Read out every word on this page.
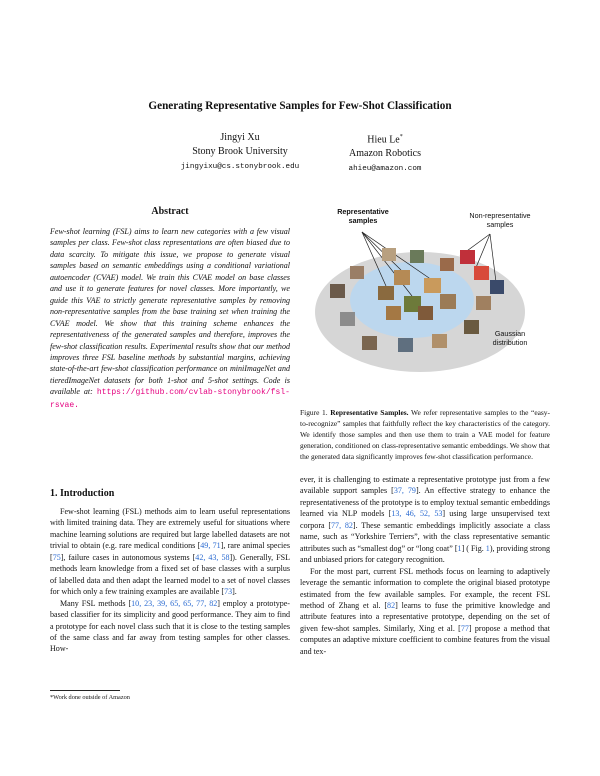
Generating Representative Samples for Few-Shot Classification
Jingyi Xu
Stony Brook University
jingyixu@cs.stonybrook.edu
Hieu Le*
Amazon Robotics
ahieu@amazon.com
Abstract
Few-shot learning (FSL) aims to learn new categories with a few visual samples per class. Few-shot class representations are often biased due to data scarcity. To mitigate this issue, we propose to generate visual samples based on semantic embeddings using a conditional variational autoencoder (CVAE) model. We train this CVAE model on base classes and use it to generate features for novel classes. More importantly, we guide this VAE to strictly generate representative samples by removing non-representative samples from the base training set when training the CVAE model. We show that this training scheme enhances the representativeness of the generated samples and therefore, improves the few-shot classification results. Experimental results show that our method improves three FSL baseline methods by substantial margins, achieving state-of-the-art few-shot classification performance on miniImageNet and tieredImageNet datasets for both 1-shot and 5-shot settings. Code is available at: https://github.com/cvlab-stonybrook/fsl-rsvae.
Representative
samples
Non-representative
samples
Gaussian
distribution
Figure 1. Representative Samples. We refer representative samples to the “easy-to-recognize” samples that faithfully reflect the key characteristics of the category. We identify those samples and then use them to train a VAE model for feature generation, conditioned on class-representative semantic embeddings. We show that the generated data significantly improves few-shot classification performance.
1. Introduction

Few-shot learning (FSL) methods aim to learn useful representations with limited training data. They are extremely useful for situations where machine learning solutions are required but large labelled datasets are not trivial to obtain (e.g. rare medical conditions [49, 71], rare animal species [75], failure cases in autonomous systems [42, 43, 58]). Generally, FSL methods learn knowledge from a fixed set of base classes with a surplus of labelled data and then adapt the learned model to a set of novel classes for which only a few training examples are available [73].

Many FSL methods [10, 23, 39, 65, 65, 77, 82] employ a prototype-based classifier for its simplicity and good performance. They aim to find a prototype for each novel class such that it is close to the testing samples of the same class and far away from testing samples for other classes. How-

ever, it is challenging to estimate a representative prototype just from a few available support samples [37, 79]. An effective strategy to enhance the representativeness of the prototype is to employ textual semantic embeddings learned via NLP models [13, 46, 52, 53] using large unsupervised text corpora [77, 82]. These semantic embeddings implicitly associate a class name, such as “Yorkshire Terriers”, with the class representative semantic attributes such as “smallest dog” or “long coat” [1] ( Fig. 1), providing strong and unbiased priors for category recognition.

For the most part, current FSL methods focus on learning to adaptively leverage the semantic information to complete the original biased prototype estimated from the few available samples. For example, the recent FSL method of Zhang et al. [82] learns to fuse the primitive knowledge and attribute features into a representative prototype, depending on the set of given few-shot samples. Similarly, Xing et al. [77] propose a method that computes an adaptive mixture coefficient to combine features from the visual and tex-

*Work done outside of Amazon
